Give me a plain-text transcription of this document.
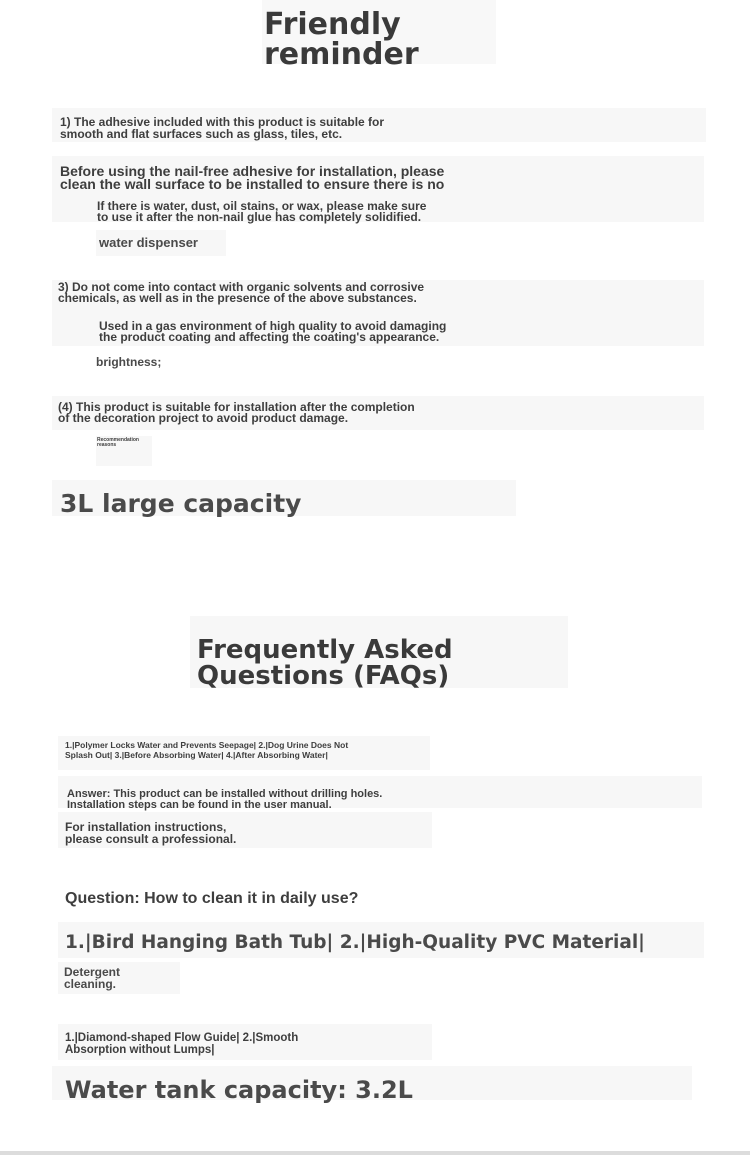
Friendly
reminder
1) The adhesive included with this product is suitable for
smooth and flat surfaces such as glass, tiles, etc.
Before using the nail-free adhesive for installation, please
clean the wall surface to be installed to ensure there is no
If there is water, dust, oil stains, or wax, please make sure
to use it after the non-nail glue has completely solidified.
water dispenser
3) Do not come into contact with organic solvents and corrosive
chemicals, as well as in the presence of the above substances.
Used in a gas environment of high quality to avoid damaging
the product coating and affecting the coating's appearance.
brightness;
(4) This product is suitable for installation after the completion
of the decoration project to avoid product damage.
Recommendation
reasons
3L large capacity
Frequently Asked
Questions (FAQs)
1.|Polymer Locks Water and Prevents Seepage| 2.|Dog Urine Does Not
Splash Out| 3.|Before Absorbing Water| 4.|After Absorbing Water|
Answer: This product can be installed without drilling holes.
Installation steps can be found in the user manual.
For installation instructions,
please consult a professional.
Question: How to clean it in daily use?
1.|Bird Hanging Bath Tub| 2.|High-Quality PVC Material|
Detergent
cleaning.
1.|Diamond-shaped Flow Guide| 2.|Smooth
Absorption without Lumps|
Water tank capacity: 3.2L
